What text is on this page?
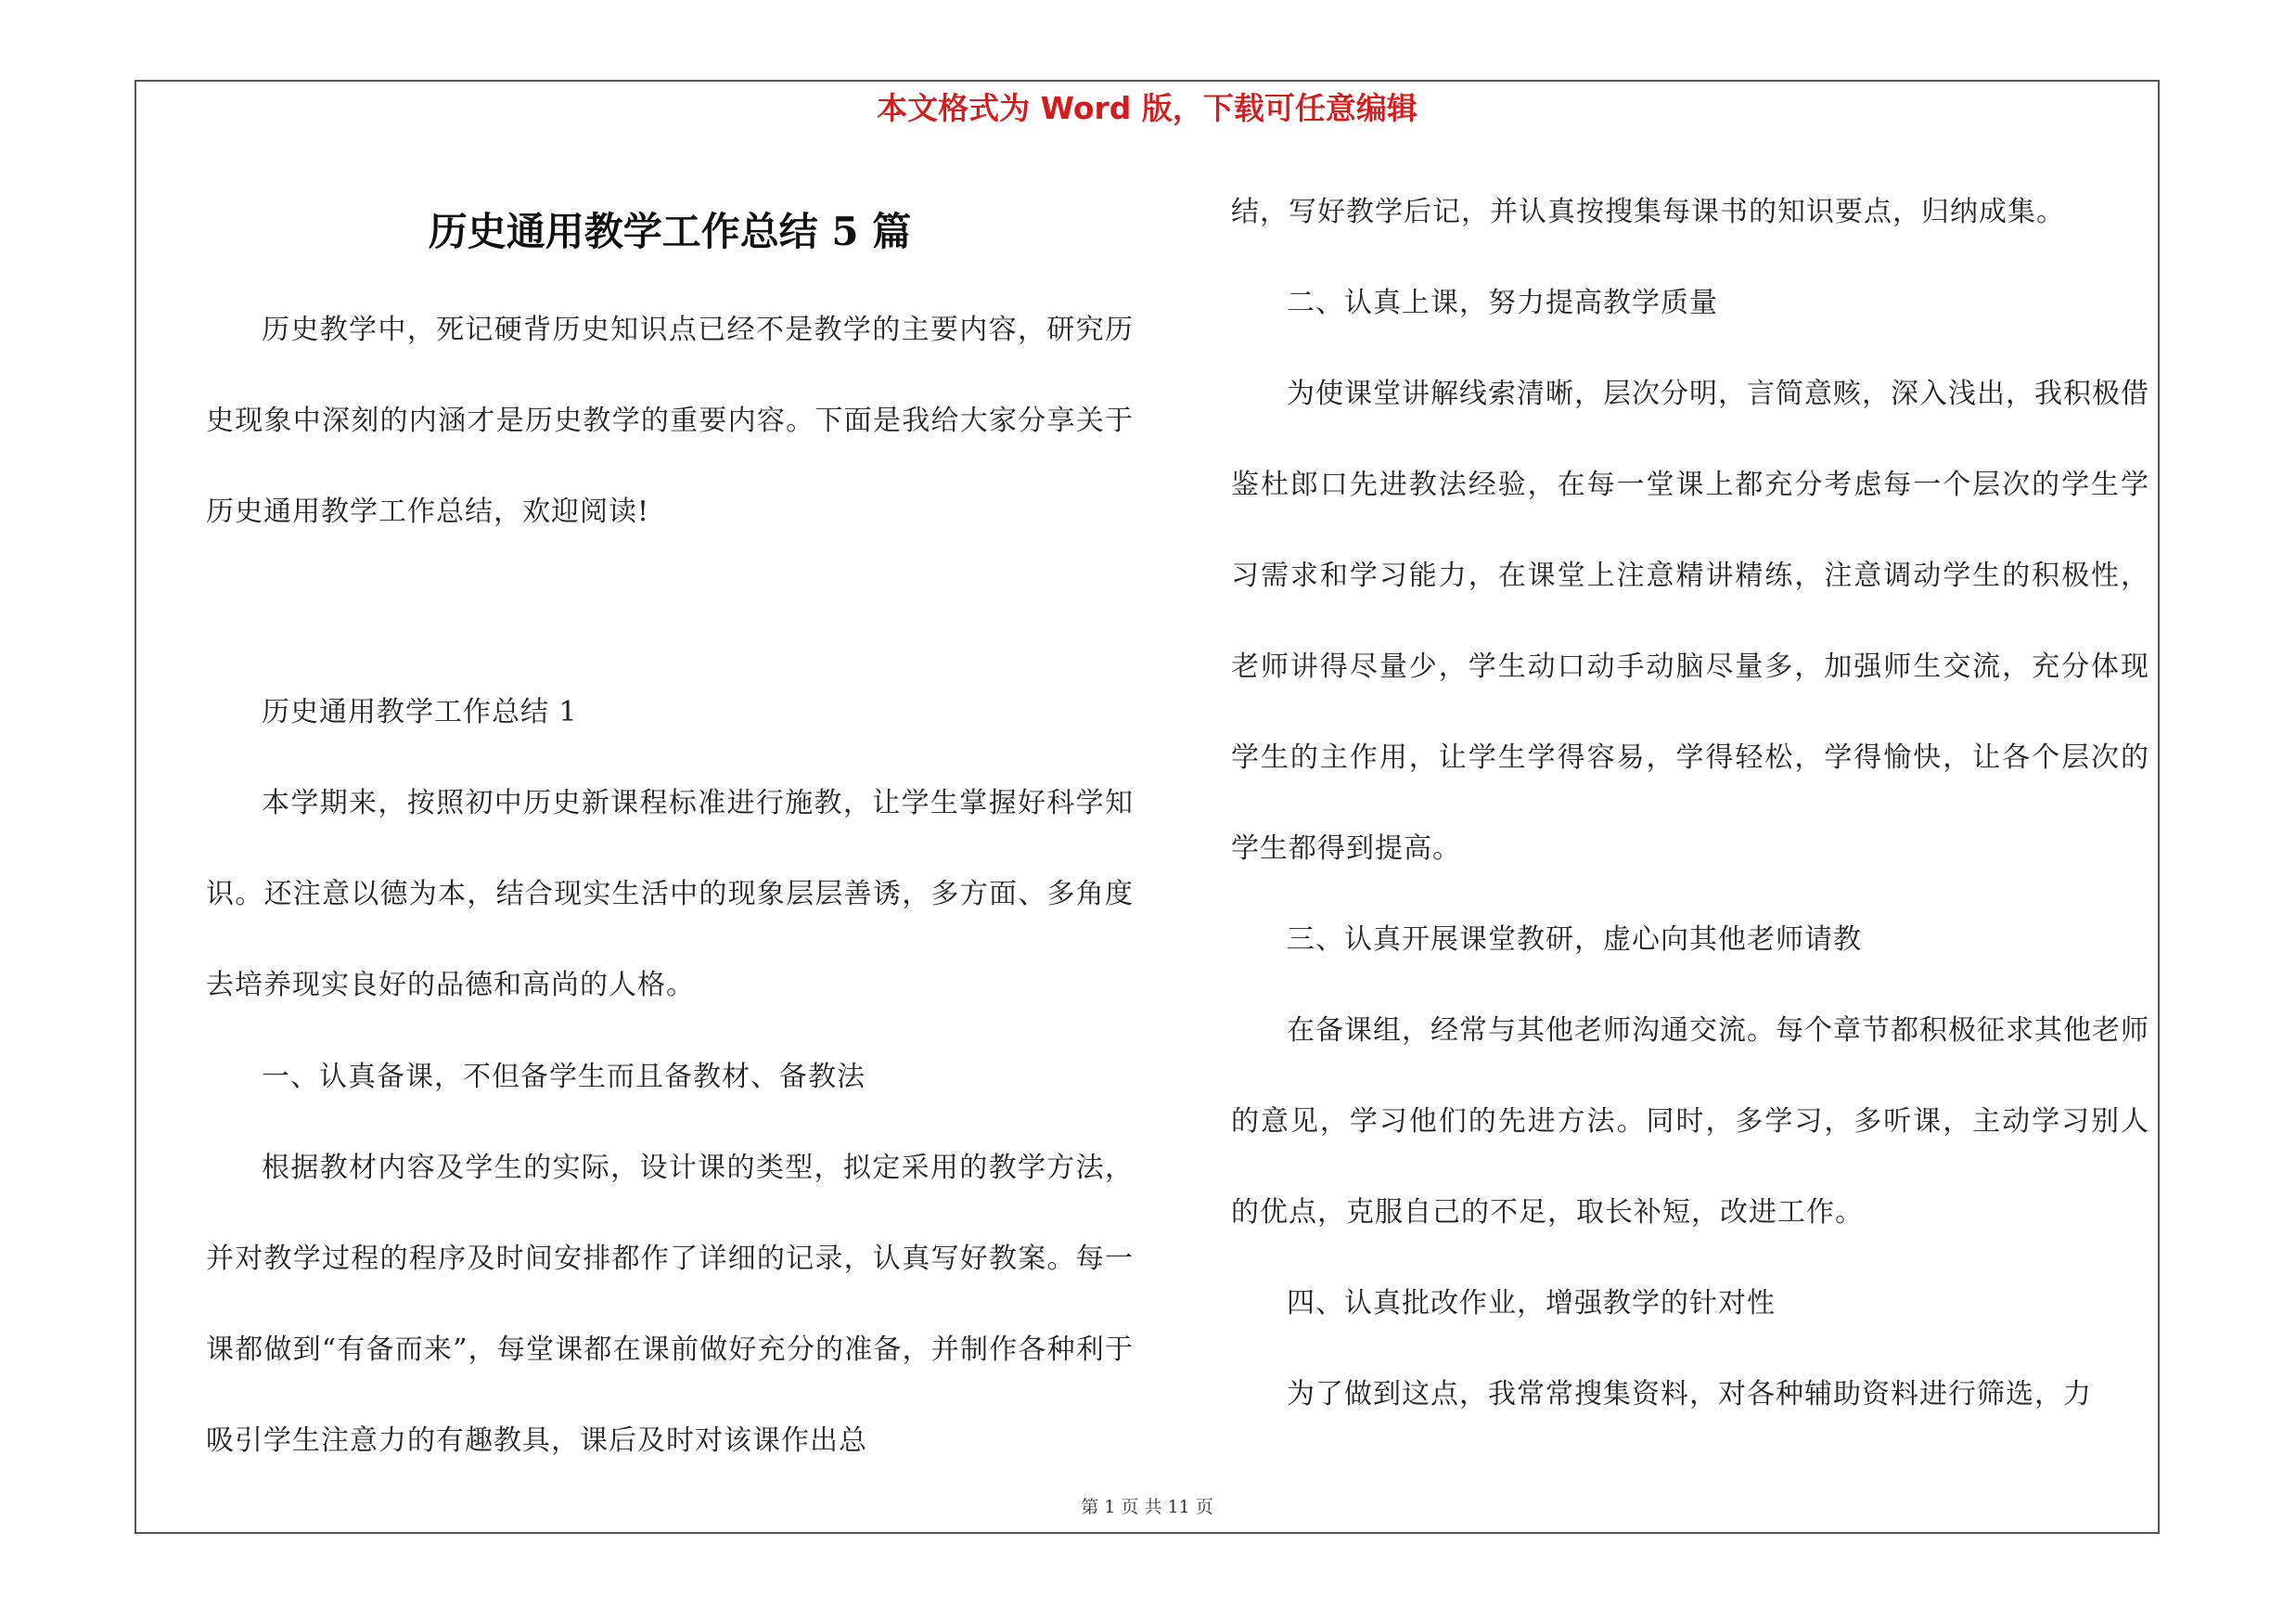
本文格式为 Word 版，下载可任意编辑
历史通用教学工作总结 5 篇

历史教学中，死记硬背历史知识点已经不是教学的主要内容，研究历史现象中深刻的内涵才是历史教学的重要内容。下面是我给大家分享关于历史通用教学工作总结，欢迎阅读!

历史通用教学工作总结 1

本学期来，按照初中历史新课程标准进行施教，让学生掌握好科学知识。还注意以德为本，结合现实生活中的现象层层善诱，多方面、多角度去培养现实良好的品德和高尚的人格。

一、认真备课，不但备学生而且备教材、备教法

根据教材内容及学生的实际，设计课的类型，拟定采用的教学方法，并对教学过程的程序及时间安排都作了详细的记录，认真写好教案。每一课都做到“有备而来”，每堂课都在课前做好充分的准备，并制作各种利于吸引学生注意力的有趣教具，课后及时对该课作出总

结，写好教学后记，并认真按搜集每课书的知识要点，归纳成集。

二、认真上课，努力提高教学质量

为使课堂讲解线索清晰，层次分明，言简意赅，深入浅出，我积极借鉴杜郎口先进教法经验，在每一堂课上都充分考虑每一个层次的学生学习需求和学习能力，在课堂上注意精讲精练，注意调动学生的积极性，老师讲得尽量少，学生动口动手动脑尽量多，加强师生交流，充分体现学生的主作用，让学生学得容易，学得轻松，学得愉快，让各个层次的学生都得到提高。

三、认真开展课堂教研，虚心向其他老师请教

在备课组，经常与其他老师沟通交流。每个章节都积极征求其他老师的意见，学习他们的先进方法。同时，多学习，多听课，主动学习别人的优点，克服自己的不足，取长补短，改进工作。

四、认真批改作业，增强教学的针对性

为了做到这点，我常常搜集资料，对各种辅助资料进行筛选，力

第 1 页 共 11 页
